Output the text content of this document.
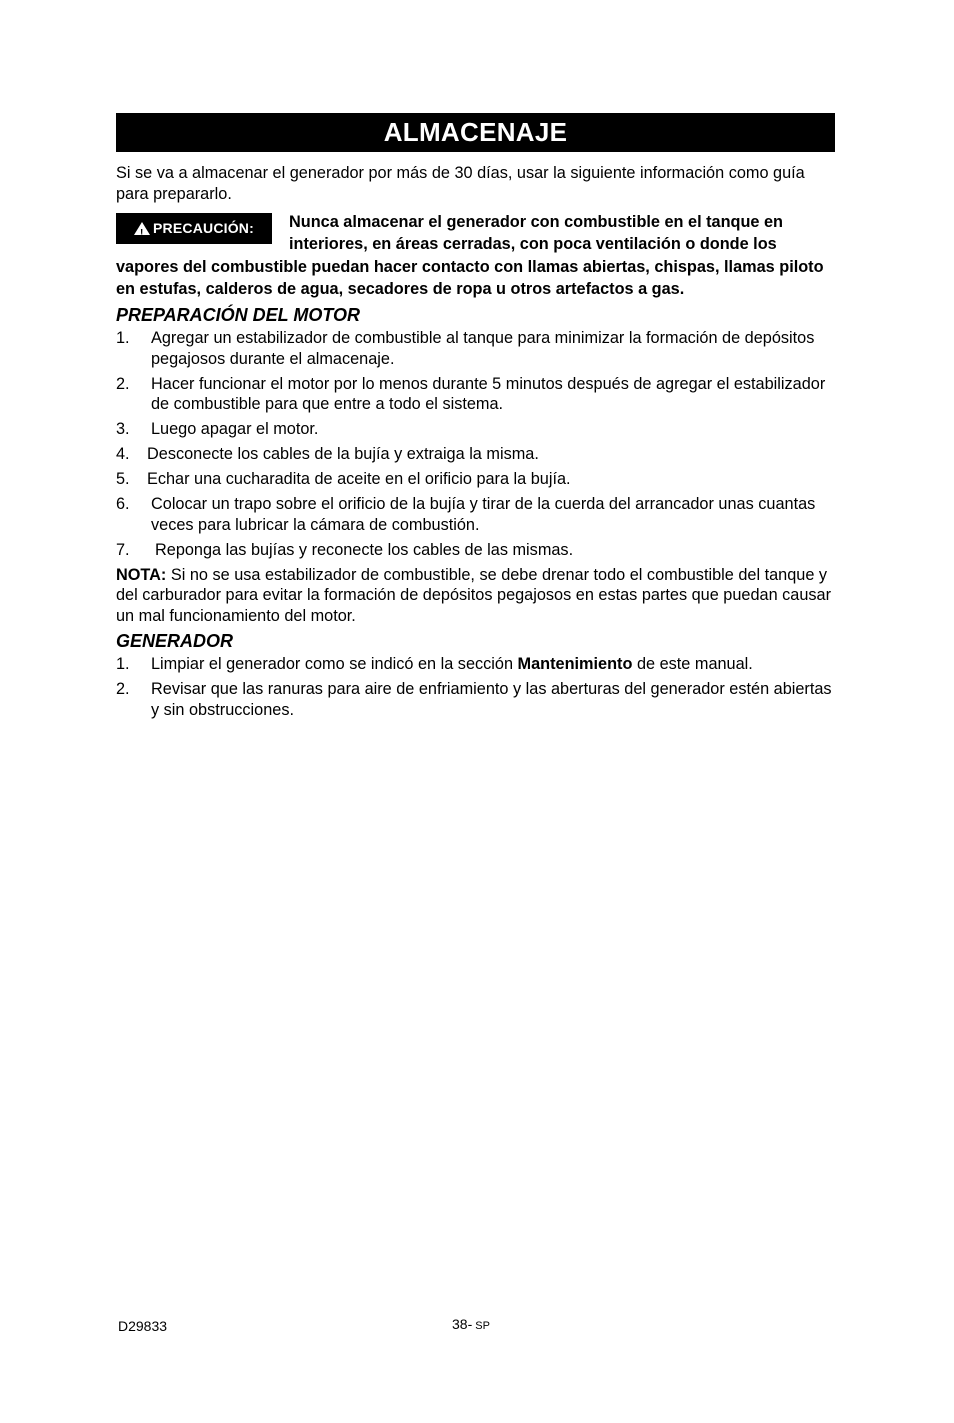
ALMACENAJE

Si se va a almacenar el generador por más de 30 días, usar la siguiente información como guía para prepararlo.

!
PRECAUCIÓN: Nunca almacenar el generador con combustible en el tanque en interiores, en áreas cerradas, con poca ventilación o donde los vapores del combustible puedan hacer contacto con llamas abiertas, chispas, llamas piloto en estufas, calderos de agua, secadores de ropa u otros artefactos a gas.
PREPARACIÓN DEL MOTOR
1.	Agregar un estabilizador de combustible al tanque para minimizar la formación de depósitos pegajosos durante el almacenaje.
2.	Hacer funcionar el motor por lo menos durante 5 minutos después de agregar el estabilizador de combustible para que entre a todo el sistema.
3.	Luego apagar el motor.
4.	Desconecte los cables de la bujía y extraiga la misma.
5.	Echar una cucharadita de aceite en el orificio para la bujía.
6.	Colocar un trapo sobre el orificio de la bujía y tirar de la cuerda del arrancador unas cuantas veces para lubricar la cámara de combustión.
7.	Reponga las bujías y reconecte los cables de las mismas.

NOTA: Si no se usa estabilizador de combustible, se debe drenar todo el combustible del tanque y del carburador para evitar la formación de depósitos pegajosos en estas partes que puedan causar un mal funcionamiento del motor.

GENERADOR
1.	Limpiar el generador como se indicó en la sección Mantenimiento de este manual.
2.	Revisar que las ranuras para aire de enfriamiento y las aberturas del generador estén abiertas y sin obstrucciones.
D29833	38- SP
